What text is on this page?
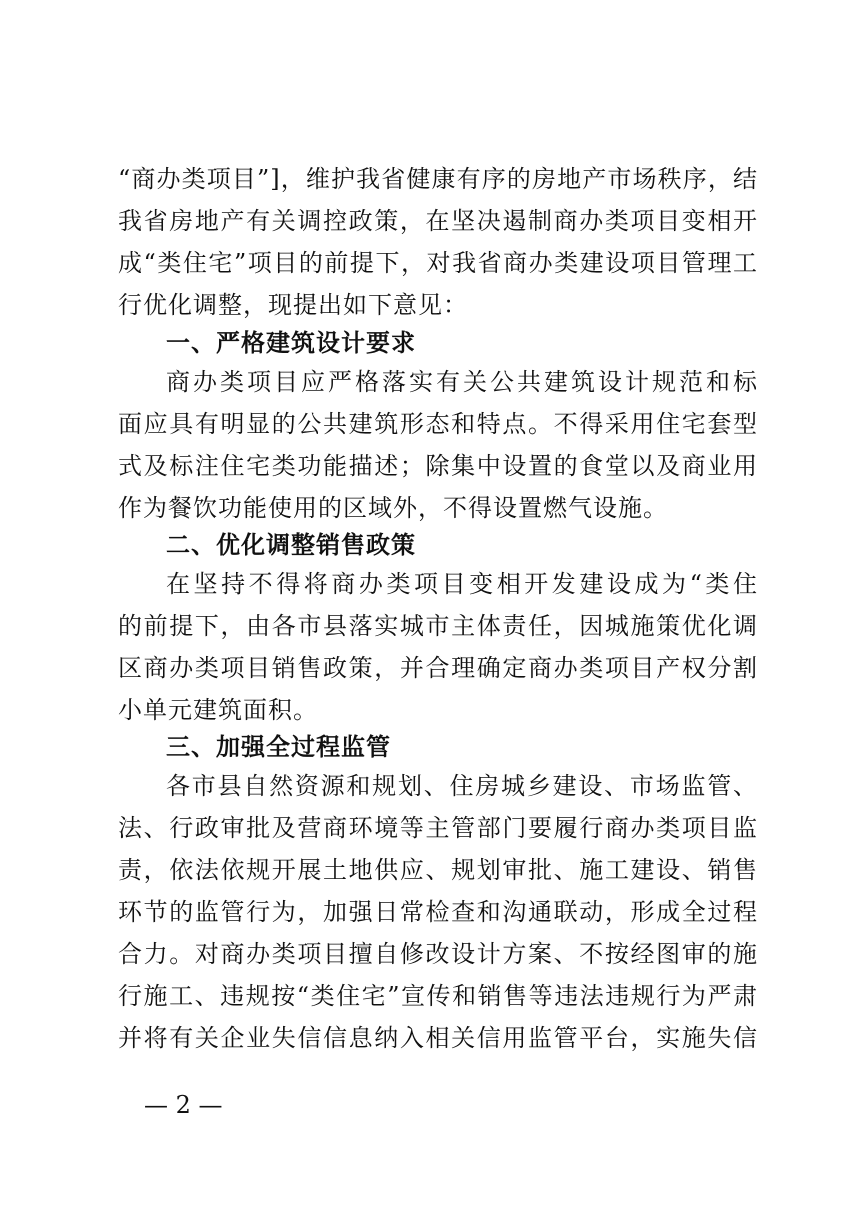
“商办类项目”]，维护我省健康有序的房地产市场秩序，结
我省房地产有关调控政策，在坚决遏制商办类项目变相开
成“类住宅”项目的前提下，对我省商办类建设项目管理工
行优化调整，现提出如下意见：
一、严格建筑设计要求
商办类项目应严格落实有关公共建筑设计规范和标
面应具有明显的公共建筑形态和特点。不得采用住宅套型
式及标注住宅类功能描述；除集中设置的食堂以及商业用
作为餐饮功能使用的区域外，不得设置燃气设施。
二、优化调整销售政策
在坚持不得将商办类项目变相开发建设成为“类住
的前提下，由各市县落实城市主体责任，因城施策优化调
区商办类项目销售政策，并合理确定商办类项目产权分割
小单元建筑面积。
三、加强全过程监管
各市县自然资源和规划、住房城乡建设、市场监管、
法、行政审批及营商环境等主管部门要履行商办类项目监
责，依法依规开展土地供应、规划审批、施工建设、销售
环节的监管行为，加强日常检查和沟通联动，形成全过程
合力。对商办类项目擅自修改设计方案、不按经图审的施
行施工、违规按“类住宅”宣传和销售等违法违规行为严肃
并将有关企业失信信息纳入相关信用监管平台，实施失信
— 2 —
